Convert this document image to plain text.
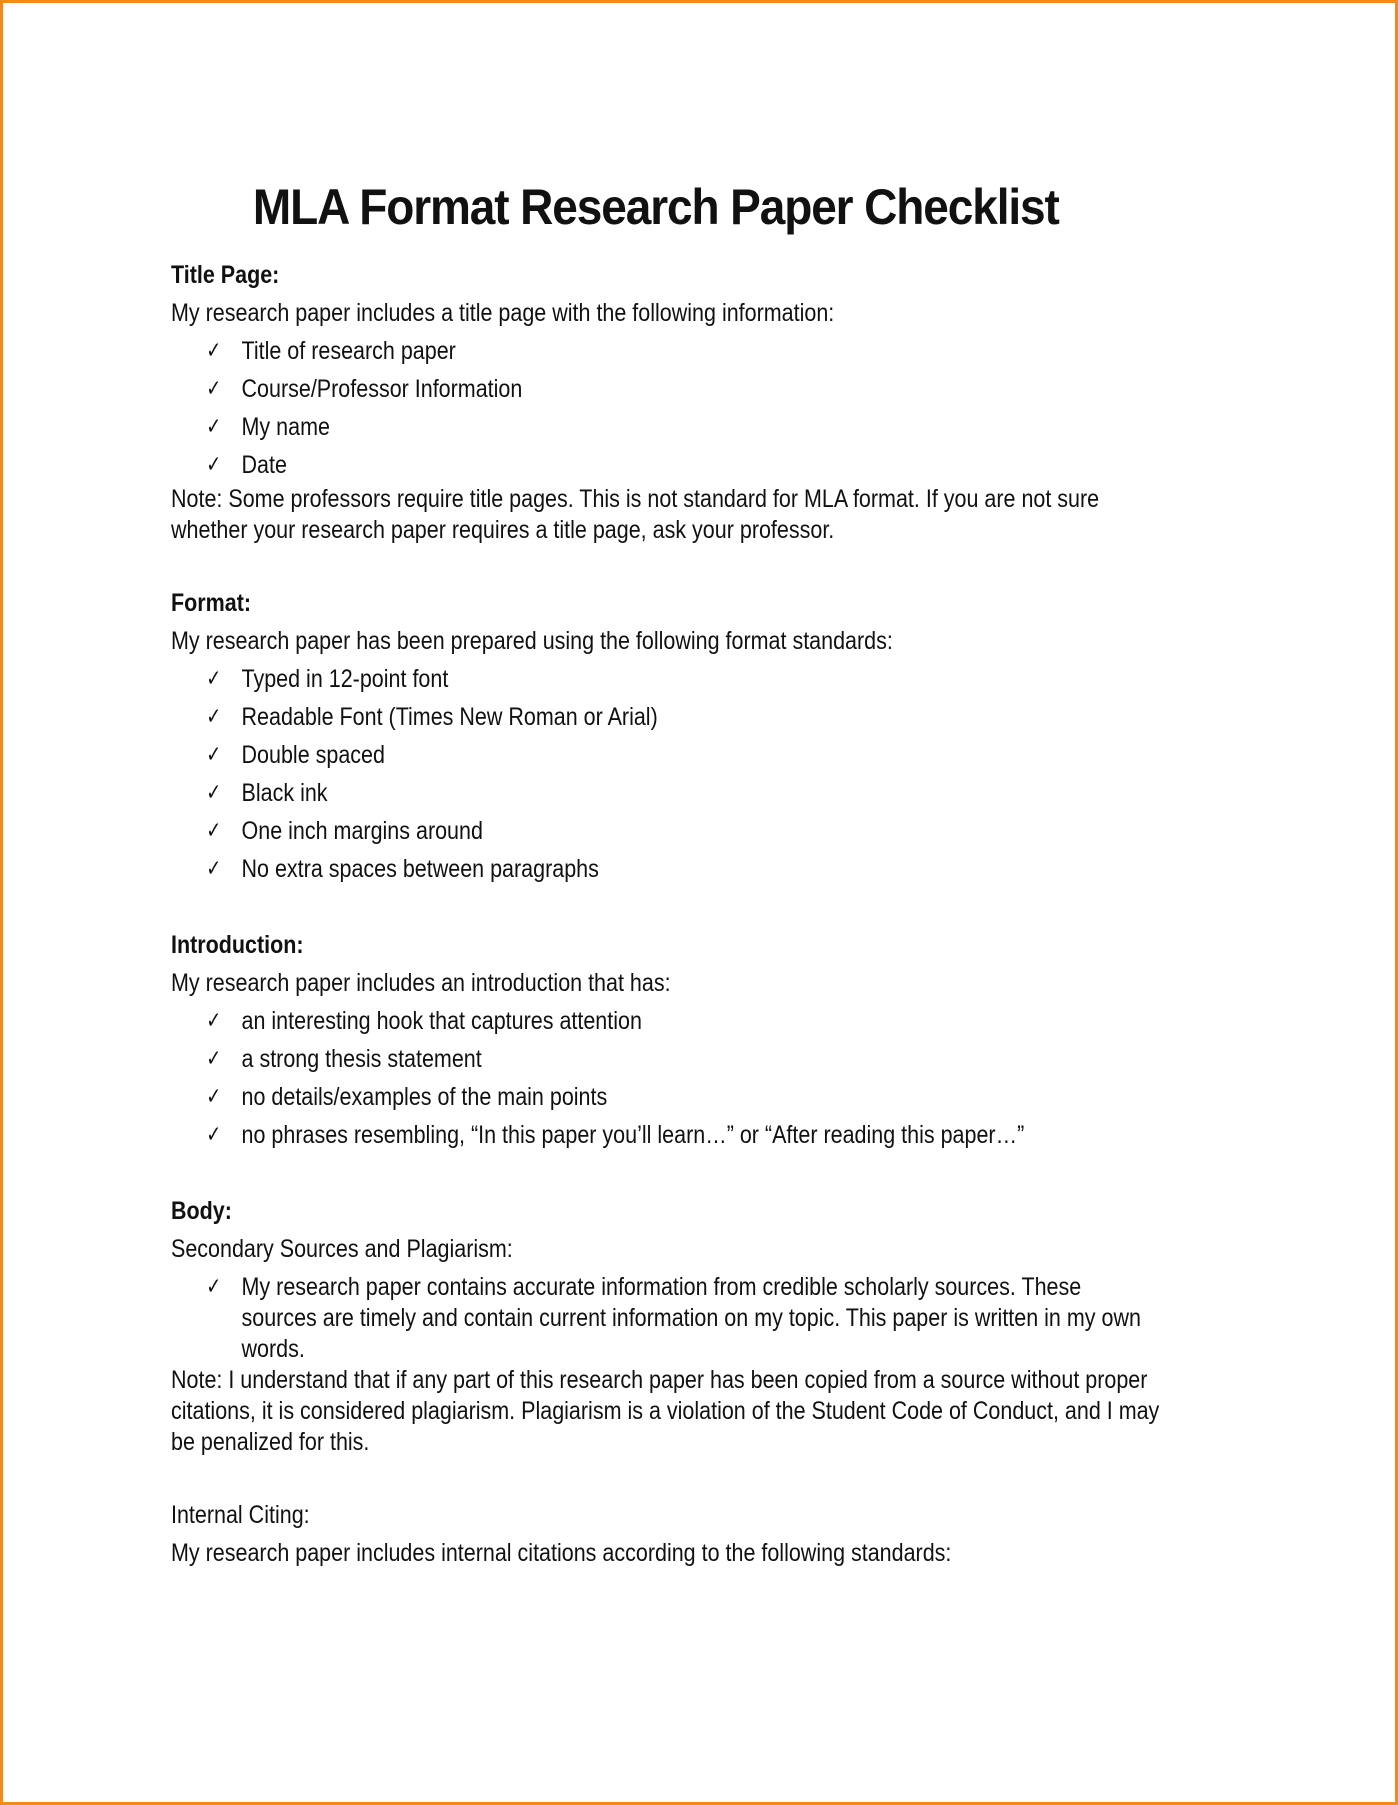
MLA Format Research Paper Checklist

Title Page:

My research paper includes a title page with the following information:

✓ Title of research paper
✓ Course/Professor Information
✓ My name
✓ Date

Note: Some professors require title pages. This is not standard for MLA format. If you are not sure

whether your research paper requires a title page, ask your professor.

Format:

My research paper has been prepared using the following format standards:

✓ Typed in 12-point font
✓ Readable Font (Times New Roman or Arial)
✓ Double spaced
✓ Black ink
✓ One inch margins around
✓ No extra spaces between paragraphs

Introduction:

My research paper includes an introduction that has:

✓ an interesting hook that captures attention
✓ a strong thesis statement
✓ no details/examples of the main points
✓ no phrases resembling, “In this paper you’ll learn…” or “After reading this paper…”

Body:

Secondary Sources and Plagiarism:

✓ My research paper contains accurate information from credible scholarly sources. These
sources are timely and contain current information on my topic. This paper is written in my own
words.

Note: I understand that if any part of this research paper has been copied from a source without proper

citations, it is considered plagiarism. Plagiarism is a violation of the Student Code of Conduct, and I may

be penalized for this.

Internal Citing:

My research paper includes internal citations according to the following standards:
